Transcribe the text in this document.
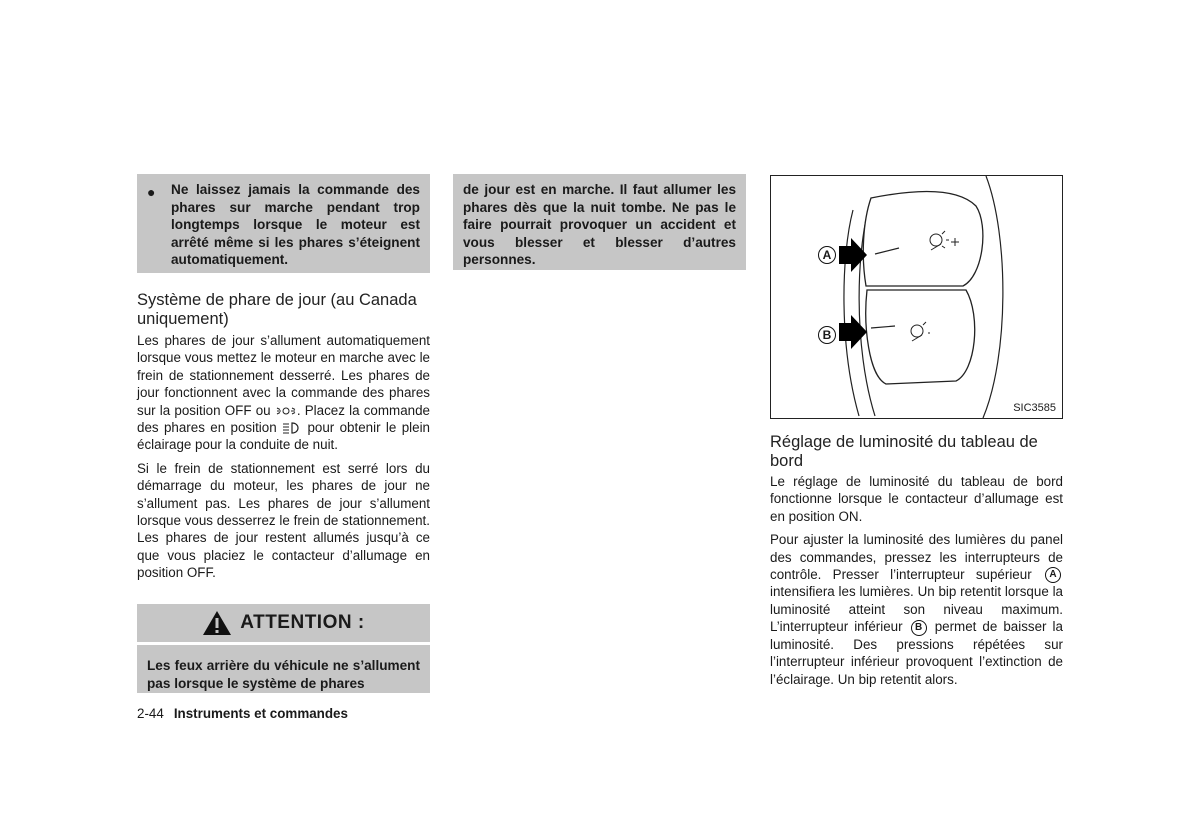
● Ne laissez jamais la commande des phares sur marche pendant trop longtemps lorsque le moteur est arrêté même si les phares s’éteignent automatiquement.

Système de phare de jour (au Canada uniquement)

Les phares de jour s’allument automatiquement lorsque vous mettez le moteur en marche avec le frein de stationnement desserré. Les phares de jour fonctionnent avec la commande des phares sur la position OFF ou . Placez la commande des phares en position pour obtenir le plein éclairage pour la conduite de nuit.

Si le frein de stationnement est serré lors du démarrage du moteur, les phares de jour ne s’allument pas. Les phares de jour s’allument lorsque vous desserrez le frein de stationnement. Les phares de jour restent allumés jusqu’à ce que vous placiez le contacteur d’allumage en position OFF.

ATTENTION :

Les feux arrière du véhicule ne s’allument pas lorsque le système de phares

2-44 Instruments et commandes

de jour est en marche. Il faut allumer les phares dès que la nuit tombe. Ne pas le faire pourrait provoquer un accident et vous blesser et blesser d’autres personnes.	A
B
SIC3585
Réglage de luminosité du tableau de bord

Le réglage de luminosité du tableau de bord fonctionne lorsque le contacteur d’allumage est en position ON.

Pour ajuster la luminosité des lumières du panel des commandes, pressez les interrupteurs de contrôle. Presser l’interrupteur supérieur A intensifiera les lumières. Un bip retentit lorsque la luminosité atteint son niveau maximum. L’interrupteur inférieur B permet de baisser la luminosité. Des pressions répétées sur l’interrupteur inférieur provoquent l’extinction de l’éclairage. Un bip retentit alors.
